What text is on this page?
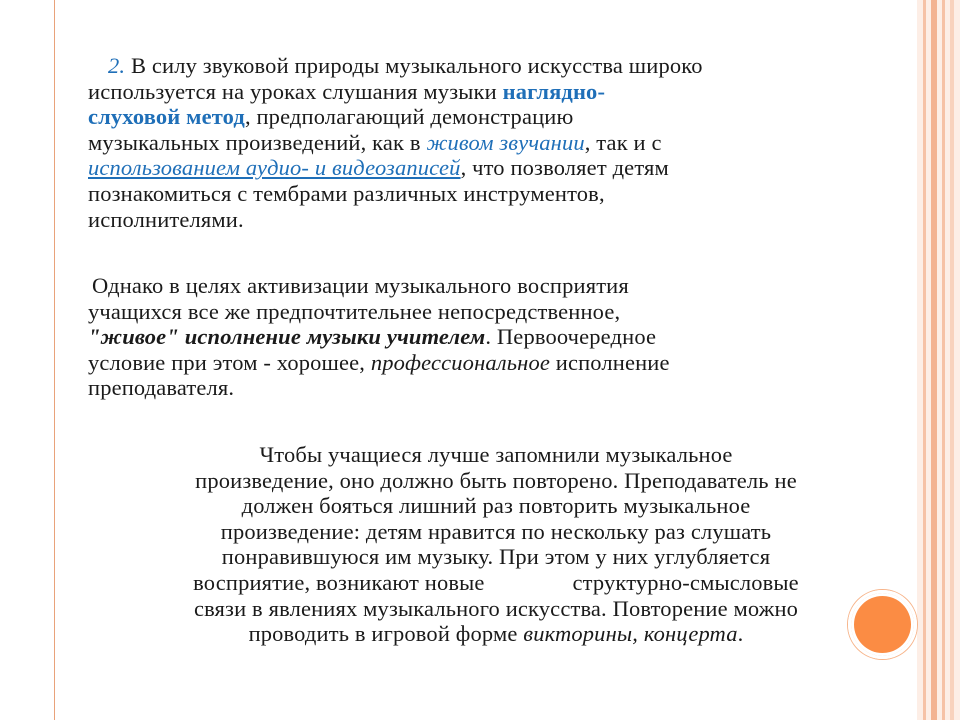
2. В силу звуковой природы музыкального искусства широко
используется на уроках слушания музыки наглядно-
слуховой метод, предполагающий демонстрацию
музыкальных произведений, как в живом звучании, так и с
использованием аудио- и видеозаписей, что позволяет детям
познакомиться с тембрами различных инструментов,
исполнителями.
Однако в целях активизации музыкального восприятия
учащихся все же предпочтительнее непосредственное,
"живое" исполнение музыки учителем. Первоочередное
условие при этом - хорошее, профессиональное исполнение
преподавателя.
Чтобы учащиеся лучше запомнили музыкальное
произведение, оно должно быть повторено. Преподаватель не
должен бояться лишний раз повторить музыкальное
произведение: детям нравится по нескольку раз слушать
понравившуюся им музыку. При этом у них углубляется
восприятие, возникают новые	структурно-смысловые
связи в явлениях музыкального искусства. Повторение можно
проводить в игровой форме викторины, концерта.
